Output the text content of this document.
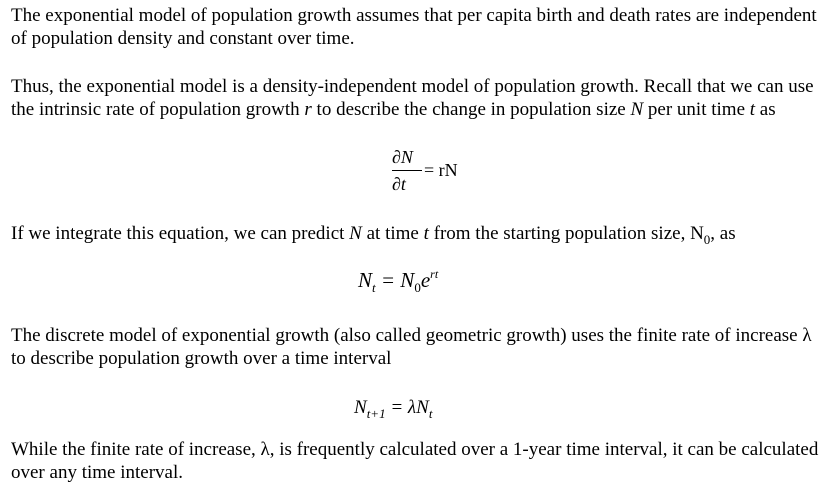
The exponential model of population growth assumes that per capita birth and death rates are independent of population density and constant over time.

Thus, the exponential model is a density-independent model of population growth. Recall that we can use the intrinsic rate of population growth r to describe the change in population size N per unit time t as

∂N
∂t
= rN

If we integrate this equation, we can predict N at time t from the starting population size, $N_0$, as

$N_t = N_0e^{rt}$

The discrete model of exponential growth (also called geometric growth) uses the finite rate of increase λ to describe population growth over a time interval

$N_{t+1} = \lambda N_t$

While the finite rate of increase, λ, is frequently calculated over a 1-year time interval, it can be calculated over any time interval.
